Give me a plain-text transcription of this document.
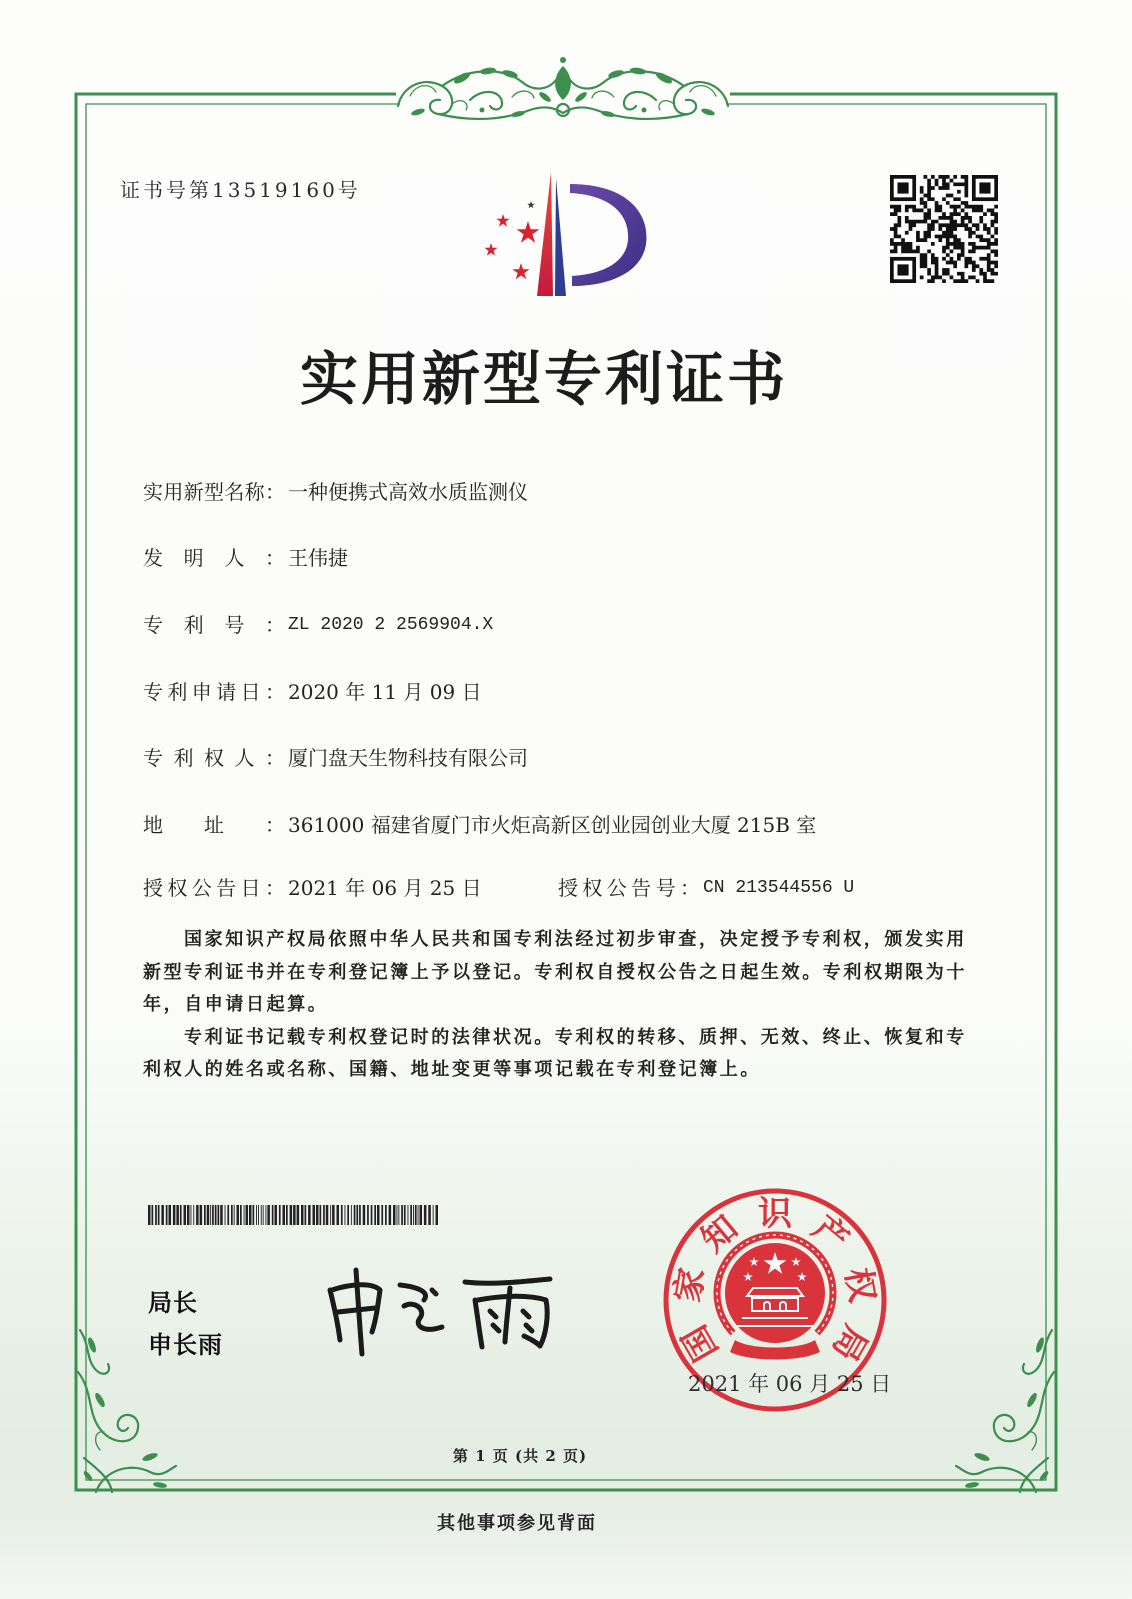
国
家
知 识 产
权
局
证书号第13519160号
实用新型专利证书
实 用 新 型 名 称 ： 一种便携式高效水质监测仪
发 明 人 ： 王伟捷
专 利 号 ： ZL 2020 2 2569904.X
专 利 申 请 日 ： 2020 年 11 月 09 日
专 利 权 人 ： 厦门盘天生物科技有限公司
地 址 ： 361000 福建省厦门市火炬高新区创业园创业大厦 215B 室
授 权 公 告 日 ： 2021 年 06 月 25 日	授 权 公 告 号 ： CN 213544556 U

国家知识产权局依照中华人民共和国专利法经过初步审查，决定授予专利权，颁发实用新型专利证书并在专利登记簿上予以登记。专利权自授权公告之日起生效。专利权期限为十年，自申请日起算。

专利证书记载专利权登记时的法律状况。专利权的转移、质押、无效、终止、恢复和专利权人的姓名或名称、国籍、地址变更等事项记载在专利登记簿上。

局长
申长雨
2021 年 06 月 25 日
第 1 页 (共 2 页)
其他事项参见背面
